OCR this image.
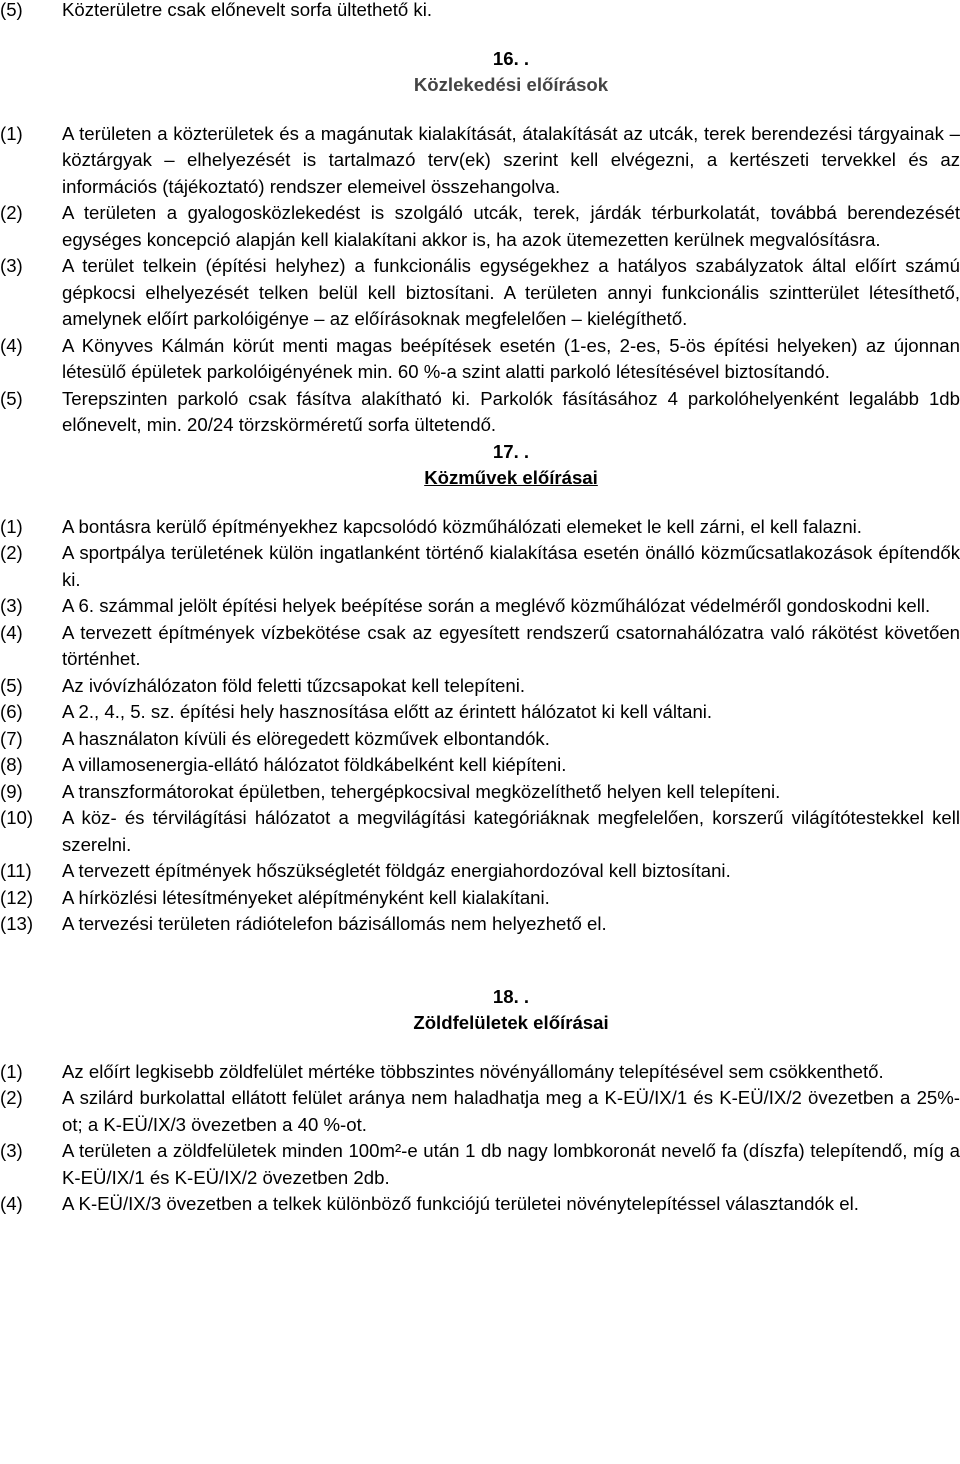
(5) Közterületre csak előnevelt sorfa ültethető ki.
16. .
Közlekedési előírások
(1) A területen a közterületek és a magánutak kialakítását, átalakítását az utcák, terek berendezési tárgyainak – köztárgyak – elhelyezését is tartalmazó terv(ek) szerint kell elvégezni, a kertészeti tervekkel és az információs (tájékoztató) rendszer elemeivel összehangolva.
(2) A területen a gyalogosközlekedést is szolgáló utcák, terek, járdák térburkolatát, továbbá berendezését egységes koncepció alapján kell kialakítani akkor is, ha azok ütemezetten kerülnek megvalósításra.
(3) A terület telkein (építési helyhez) a funkcionális egységekhez a hatályos szabályzatok által előírt számú gépkocsi elhelyezését telken belül kell biztosítani. A területen annyi funkcionális szintterület létesíthető, amelynek előírt parkolóigénye – az előírásoknak megfelelően – kielégíthető.
(4) A Könyves Kálmán körút menti magas beépítések esetén (1-es, 2-es, 5-ös építési helyeken) az újonnan létesülő épületek parkolóigényének min. 60 %-a szint alatti parkoló létesítésével biztosítandó.
(5) Terepszinten parkoló csak fásítva alakítható ki. Parkolók fásításához 4 parkolóhelyenként legalább 1db előnevelt, min. 20/24 törzskörméretű sorfa ültetendő.
17. .
Közművek előírásai
(1) A bontásra kerülő építményekhez kapcsolódó közműhálózati elemeket le kell zárni, el kell falazni.
(2) A sportpálya területének külön ingatlanként történő kialakítása esetén önálló közműcsatlakozások építendők ki.
(3) A 6. számmal jelölt építési helyek beépítése során a meglévő közműhálózat védelméről gondoskodni kell.
(4) A tervezett építmények vízbekötése csak az egyesített rendszerű csatornahálózatra való rákötést követően történhet.
(5) Az ivóvízhálózaton föld feletti tűzcsapokat kell telepíteni.
(6) A 2., 4., 5. sz. építési hely hasznosítása előtt az érintett hálózatot ki kell váltani.
(7) A használaton kívüli és elöregedett közművek elbontandók.
(8) A villamosenergia-ellátó hálózatot földkábelként kell kiépíteni.
(9) A transzformátorokat épületben, tehergépkocsival megközelíthető helyen kell telepíteni.
(10) A köz- és térvilágítási hálózatot a megvilágítási kategóriáknak megfelelően, korszerű világítótestekkel kell szerelni.
(11) A tervezett építmények hőszükségletét földgáz energiahordozóval kell biztosítani.
(12) A hírközlési létesítményeket alépítményként kell kialakítani.
(13) A tervezési területen rádiótelefon bázisállomás nem helyezhető el.
18. .
Zöldfelületek előírásai
(1) Az előírt legkisebb zöldfelület mértéke többszintes növényállomány telepítésével sem csökkenthető.
(2) A szilárd burkolattal ellátott felület aránya nem haladhatja meg a K-EÜ/IX/1 és K-EÜ/IX/2 övezetben a 25%-ot; a K-EÜ/IX/3 övezetben a 40 %-ot.
(3) A területen a zöldfelületek minden 100m²-e után 1 db nagy lombkoronát nevelő fa (díszfa) telepítendő, míg a K-EÜ/IX/1 és K-EÜ/IX/2 övezetben 2db.
(4) A K-EÜ/IX/3 övezetben a telkek különböző funkciójú területei növénytelepítéssel választandók el.
